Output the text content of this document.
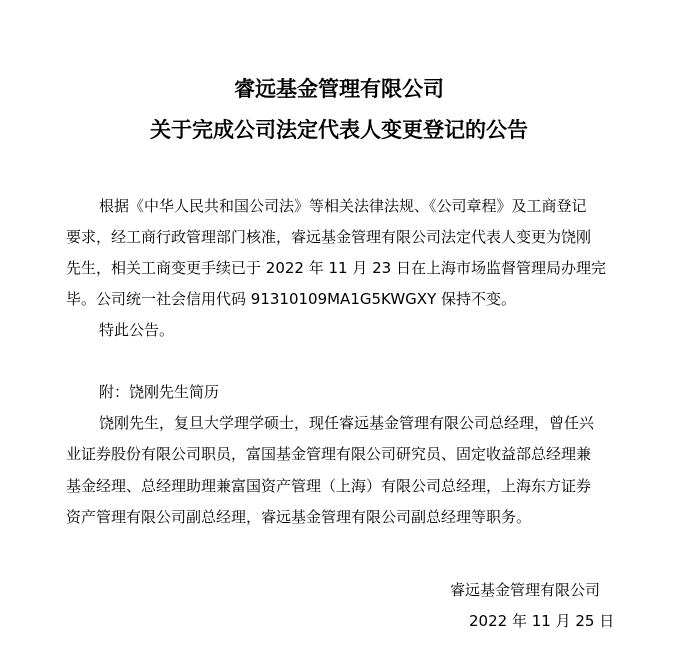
睿远基金管理有限公司
关于完成公司法定代表人变更登记的公告
根据《中华人民共和国公司法》等相关法律法规、《公司章程》及工商登记
要求，经工商行政管理部门核准，睿远基金管理有限公司法定代表人变更为饶刚
先生，相关工商变更手续已于 2022 年 11 月 23 日在上海市场监督管理局办理完
毕。公司统一社会信用代码 91310109MA1G5KWGXY 保持不变。
特此公告。
附：饶刚先生简历
饶刚先生，复旦大学理学硕士，现任睿远基金管理有限公司总经理，曾任兴
业证券股份有限公司职员，富国基金管理有限公司研究员、固定收益部总经理兼
基金经理、总经理助理兼富国资产管理（上海）有限公司总经理，上海东方证券
资产管理有限公司副总经理，睿远基金管理有限公司副总经理等职务。
睿远基金管理有限公司
2022 年 11 月 25 日
